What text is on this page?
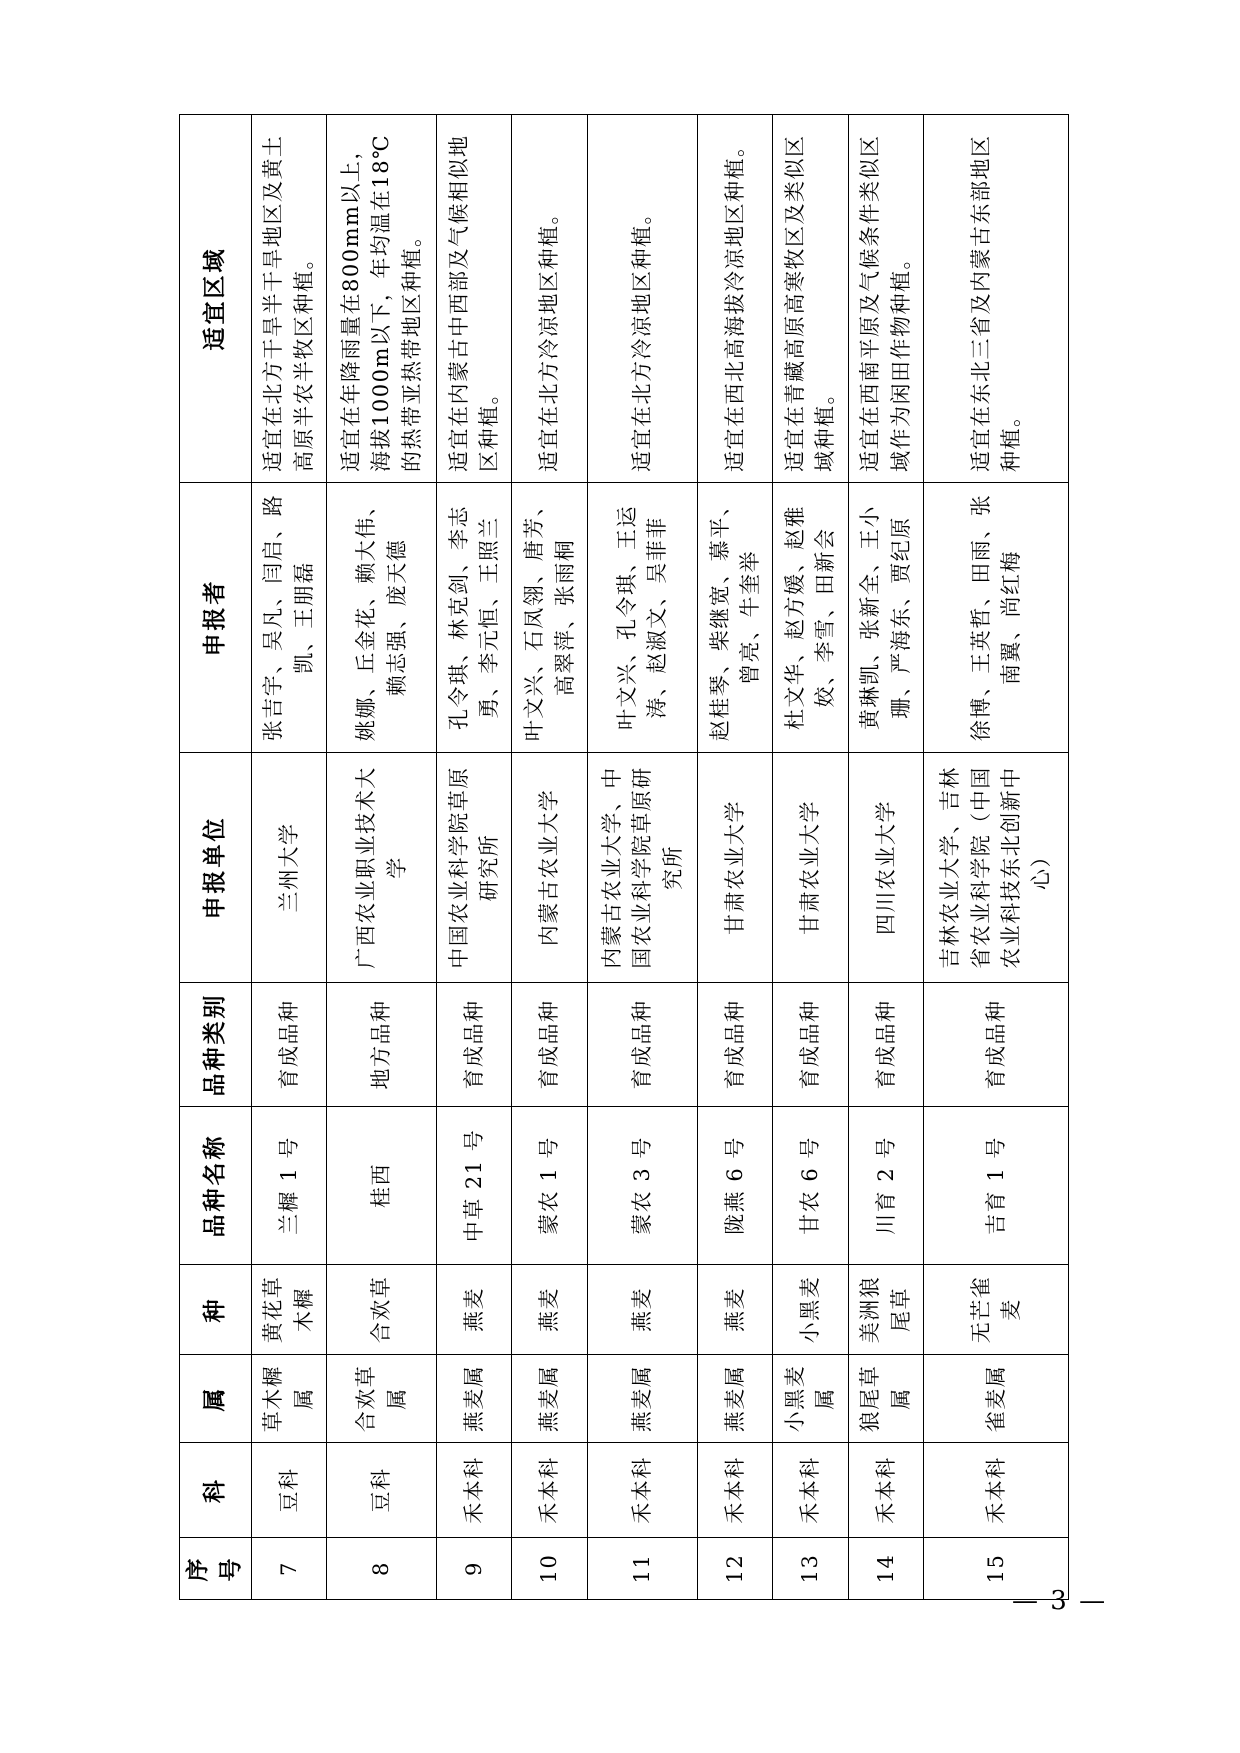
序号	科	属	种	品种名称	品种类别	申报单位	申报者	适宜区域
7	豆科	草木樨属	黄花草木樨	兰樨 1 号	育成品种	兰州大学	张吉宇、吴凡、闫启、路凯、王朋磊	适宜在北方干旱半干旱地区及黄土高原半农半牧区种植。
8	豆科	合欢草属	合欢草	桂西	地方品种	广西农业职业技术大学	姚娜、丘金花、赖大伟、赖志强、庞天德	适宜在年降雨量在800mm以上，海拔1000m以下，年均温在18℃的热带亚热带地区种植。
9	禾本科	燕麦属	燕麦	中草 21 号	育成品种	中国农业科学院草原研究所	孔令琪、林克剑、李志勇、李元恒、王照兰	适宜在内蒙古中西部及气候相似地区种植。
10	禾本科	燕麦属	燕麦	蒙农 1 号	育成品种	内蒙古农业大学	叶文兴、石凤翎、唐芳、高翠萍、张雨桐	适宜在北方冷凉地区种植。
11	禾本科	燕麦属	燕麦	蒙农 3 号	育成品种	内蒙古农业大学、中国农业科学院草原研究所	叶文兴、孔令琪、王运涛、赵淑文、吴菲菲	适宜在北方冷凉地区种植。
12	禾本科	燕麦属	燕麦	陇燕 6 号	育成品种	甘肃农业大学	赵桂琴、柴继宽、慕平、曾亮、牛奎举	适宜在西北高海拔冷凉地区种植。
13	禾本科	小黑麦属	小黑麦	甘农 6 号	育成品种	甘肃农业大学	杜文华、赵方媛、赵雅姣、李雪、田新会	适宜在青藏高原高寒牧区及类似区域种植。
14	禾本科	狼尾草属	美洲狼尾草	川育 2 号	育成品种	四川农业大学	黄琳凯、张新全、王小珊、严海东、贾纪原	适宜在西南平原及气候条件类似区域作为闲田作物种植。
15	禾本科	雀麦属	无芒雀麦	吉育 1 号	育成品种	吉林农业大学、吉林省农业科学院（中国农业科技东北创新中心）	徐博、王英哲、田雨、张南翼、尚红梅	适宜在东北三省及内蒙古东部地区种植。
— 3 —
